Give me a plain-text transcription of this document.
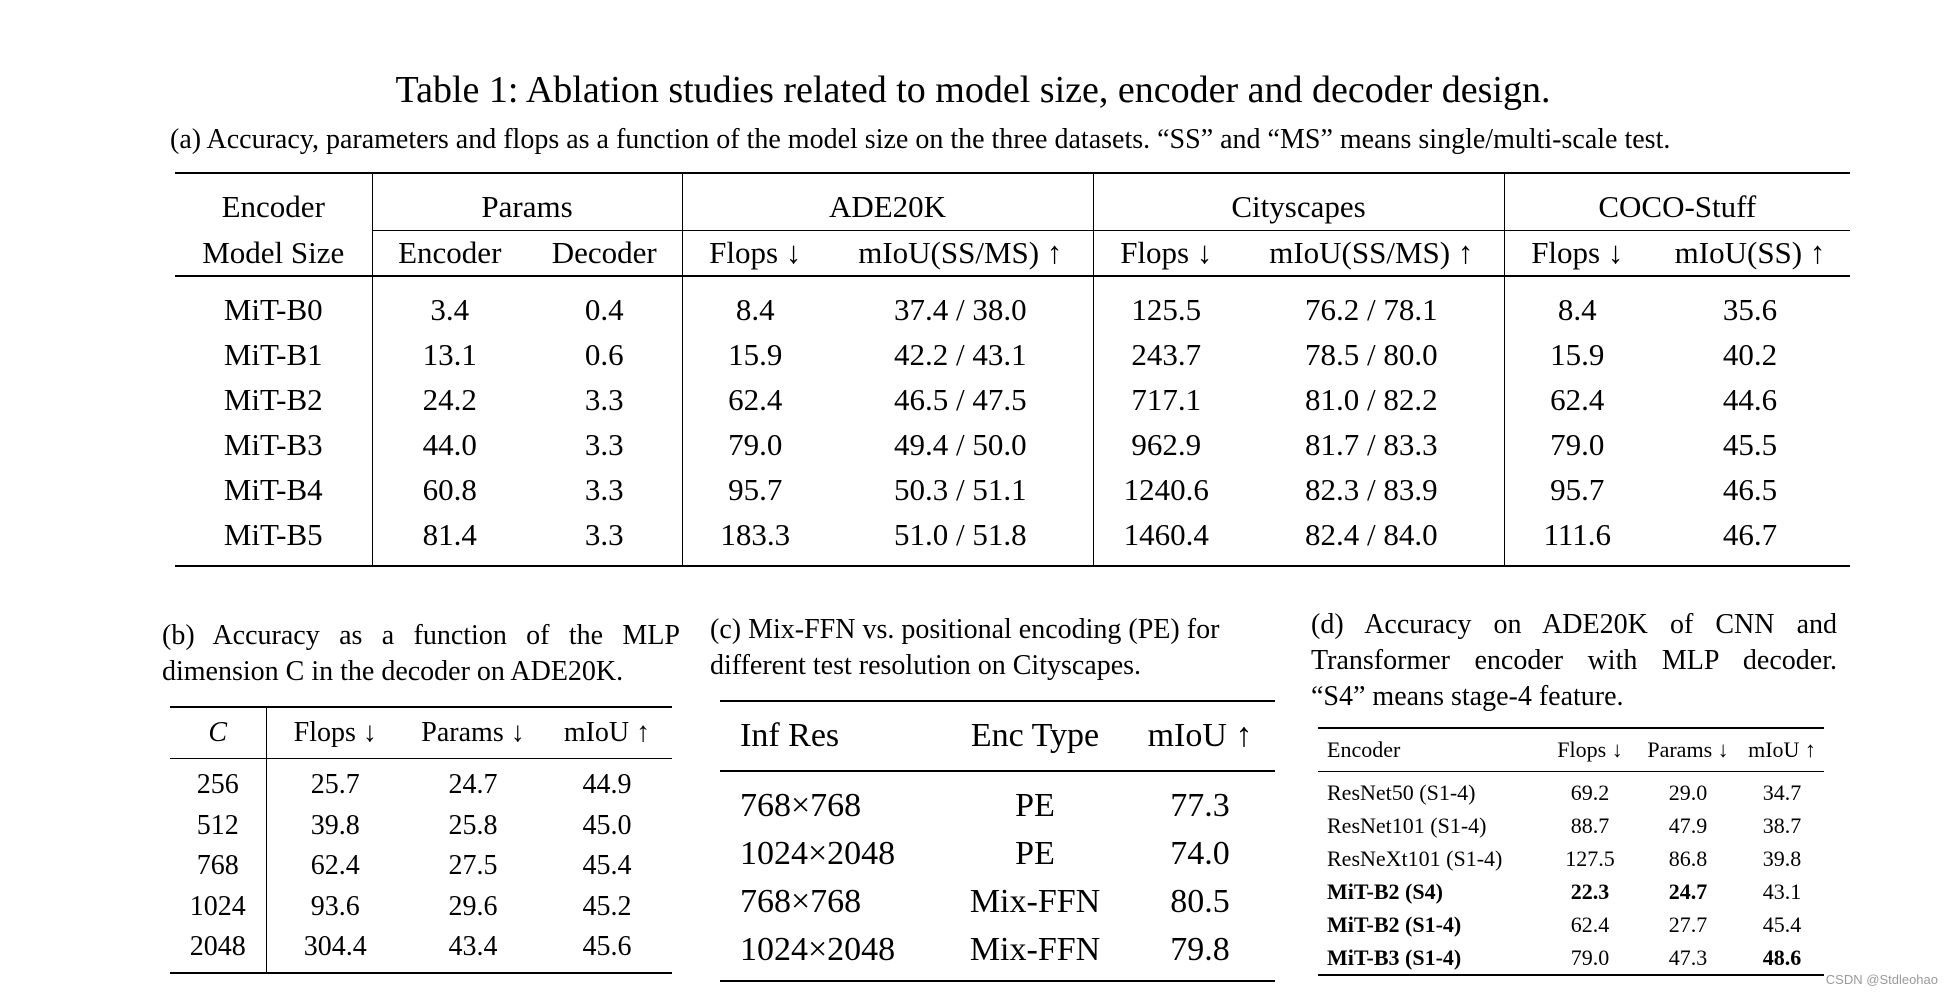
Table 1: Ablation studies related to model size, encoder and decoder design.
(a) Accuracy, parameters and flops as a function of the model size on the three datasets. “SS” and “MS” means single/multi-scale test.
Encoder	Params		ADE20K		Cityscapes		COCO-Stuff	
Model Size	Encoder	Decoder	Flops ↓	mIoU(SS/MS) ↑	Flops ↓	mIoU(SS/MS) ↑	Flops ↓	mIoU(SS) ↑
MiT-B0	3.4	0.4	8.4	37.4 / 38.0	125.5	76.2 / 78.1	8.4	35.6
MiT-B1	13.1	0.6	15.9	42.2 / 43.1	243.7	78.5 / 80.0	15.9	40.2
MiT-B2	24.2	3.3	62.4	46.5 / 47.5	717.1	81.0 / 82.2	62.4	44.6
MiT-B3	44.0	3.3	79.0	49.4 / 50.0	962.9	81.7 / 83.3	79.0	45.5
MiT-B4	60.8	3.3	95.7	50.3 / 51.1	1240.6	82.3 / 83.9	95.7	46.5
MiT-B5	81.4	3.3	183.3	51.0 / 51.8	1460.4	82.4 / 84.0	111.6	46.7
(b) Accuracy as a function of the MLP
dimension C in the decoder on ADE20K.
C	Flops ↓	Params ↓	mIoU ↑
256	25.7	24.7	44.9
512	39.8	25.8	45.0
768	62.4	27.5	45.4
1024	93.6	29.6	45.2
2048	304.4	43.4	45.6
(c) Mix-FFN vs. positional encoding (PE) for
different test resolution on Cityscapes.
Inf Res	Enc Type	mIoU ↑
768×768	PE	77.3
1024×2048	PE	74.0
768×768	Mix-FFN	80.5
1024×2048	Mix-FFN	79.8
(d) Accuracy on ADE20K of CNN and
Transformer encoder with MLP decoder.
“S4” means stage-4 feature.
Encoder	Flops ↓	Params ↓	mIoU ↑
ResNet50 (S1-4)	69.2	29.0	34.7
ResNet101 (S1-4)	88.7	47.9	38.7
ResNeXt101 (S1-4)	127.5	86.8	39.8
MiT-B2 (S4)	22.3	24.7	43.1
MiT-B2 (S1-4)	62.4	27.7	45.4
MiT-B3 (S1-4)	79.0	47.3	48.6
CSDN @Stdleohao
